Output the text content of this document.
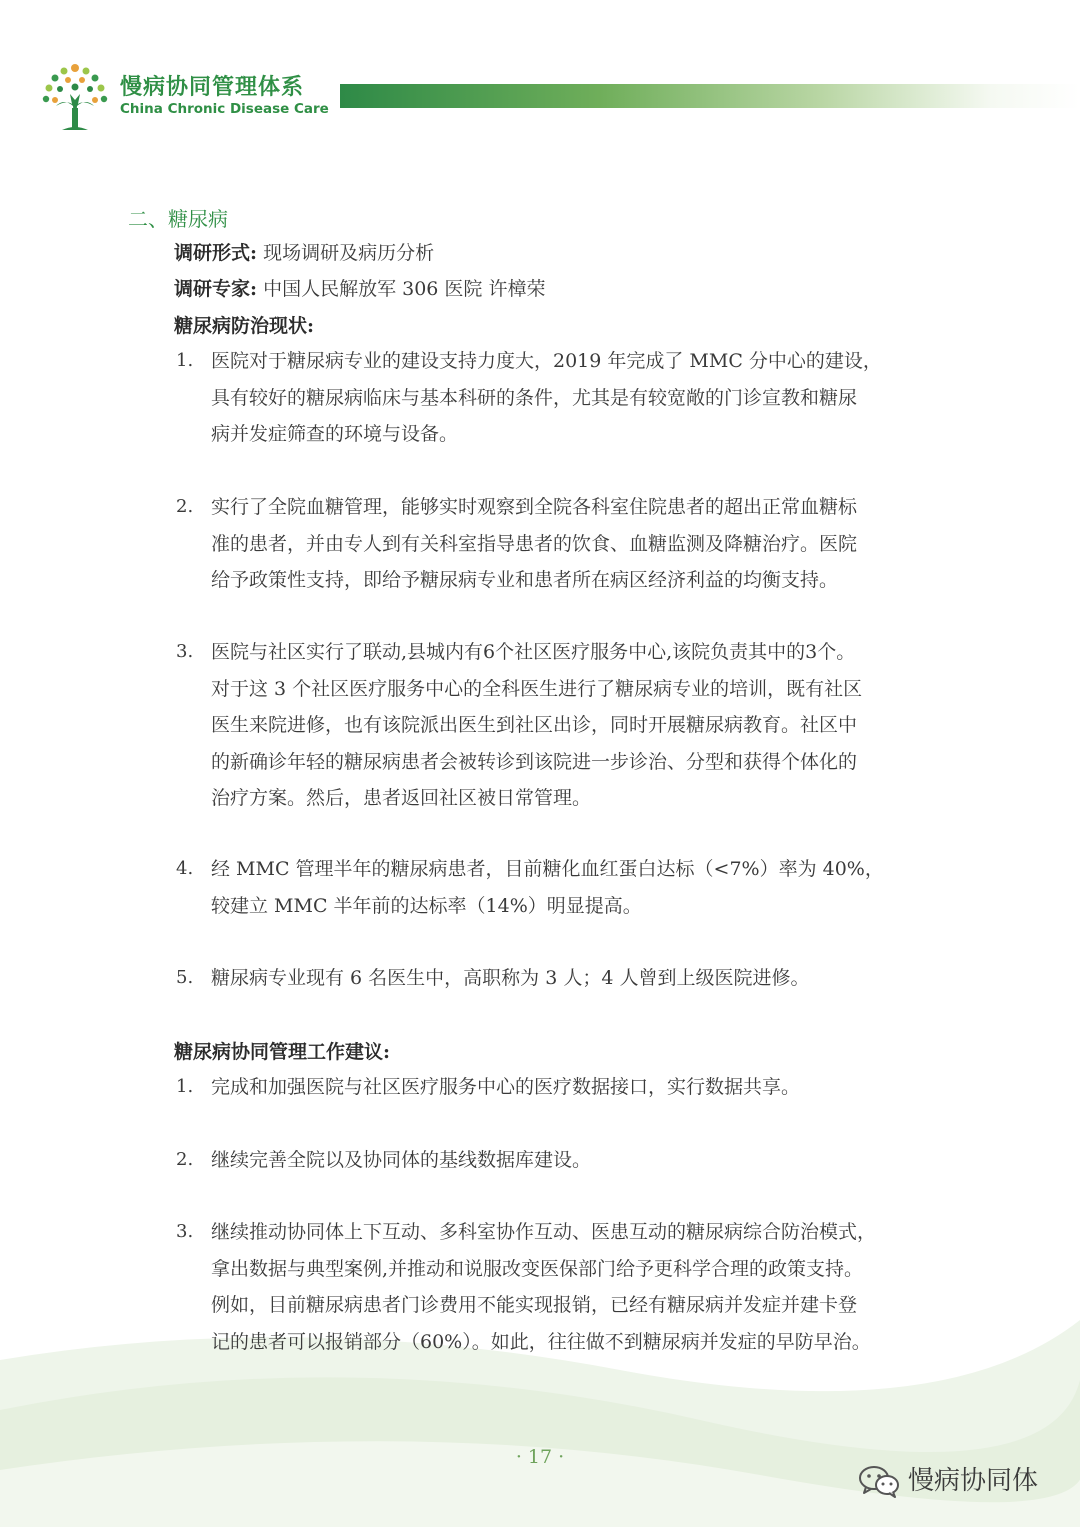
慢病协同管理体系
China Chronic Disease Care
二、糖尿病
调研形式: 现场调研及病历分析
调研专家: 中国人民解放军 306 医院 许樟荣
糖尿病防治现状:
1. 医院对于糖尿病专业的建设支持力度大，2019 年完成了 MMC 分中心的建设，
具有较好的糖尿病临床与基本科研的条件，尤其是有较宽敞的门诊宣教和糖尿
病并发症筛查的环境与设备。
2. 实行了全院血糖管理，能够实时观察到全院各科室住院患者的超出正常血糖标
准的患者，并由专人到有关科室指导患者的饮食、血糖监测及降糖治疗。医院
给予政策性支持，即给予糖尿病专业和患者所在病区经济利益的均衡支持。
3. 医院与社区实行了联动,县城内有6个社区医疗服务中心,该院负责其中的3个。
对于这 3 个社区医疗服务中心的全科医生进行了糖尿病专业的培训，既有社区
医生来院进修，也有该院派出医生到社区出诊，同时开展糖尿病教育。社区中
的新确诊年轻的糖尿病患者会被转诊到该院进一步诊治、分型和获得个体化的
治疗方案。然后，患者返回社区被日常管理。
4. 经 MMC 管理半年的糖尿病患者，目前糖化血红蛋白达标（<7%）率为 40%，
较建立 MMC 半年前的达标率（14%）明显提高。
5. 糖尿病专业现有 6 名医生中，高职称为 3 人；4 人曾到上级医院进修。
糖尿病协同管理工作建议:
1. 完成和加强医院与社区医疗服务中心的医疗数据接口，实行数据共享。
2. 继续完善全院以及协同体的基线数据库建设。
3. 继续推动协同体上下互动、多科室协作互动、医患互动的糖尿病综合防治模式，
拿出数据与典型案例,并推动和说服改变医保部门给予更科学合理的政策支持。
例如，目前糖尿病患者门诊费用不能实现报销，已经有糖尿病并发症并建卡登
记的患者可以报销部分（60%）。如此，往往做不到糖尿病并发症的早防早治。
· 17 ·
慢病协同体
